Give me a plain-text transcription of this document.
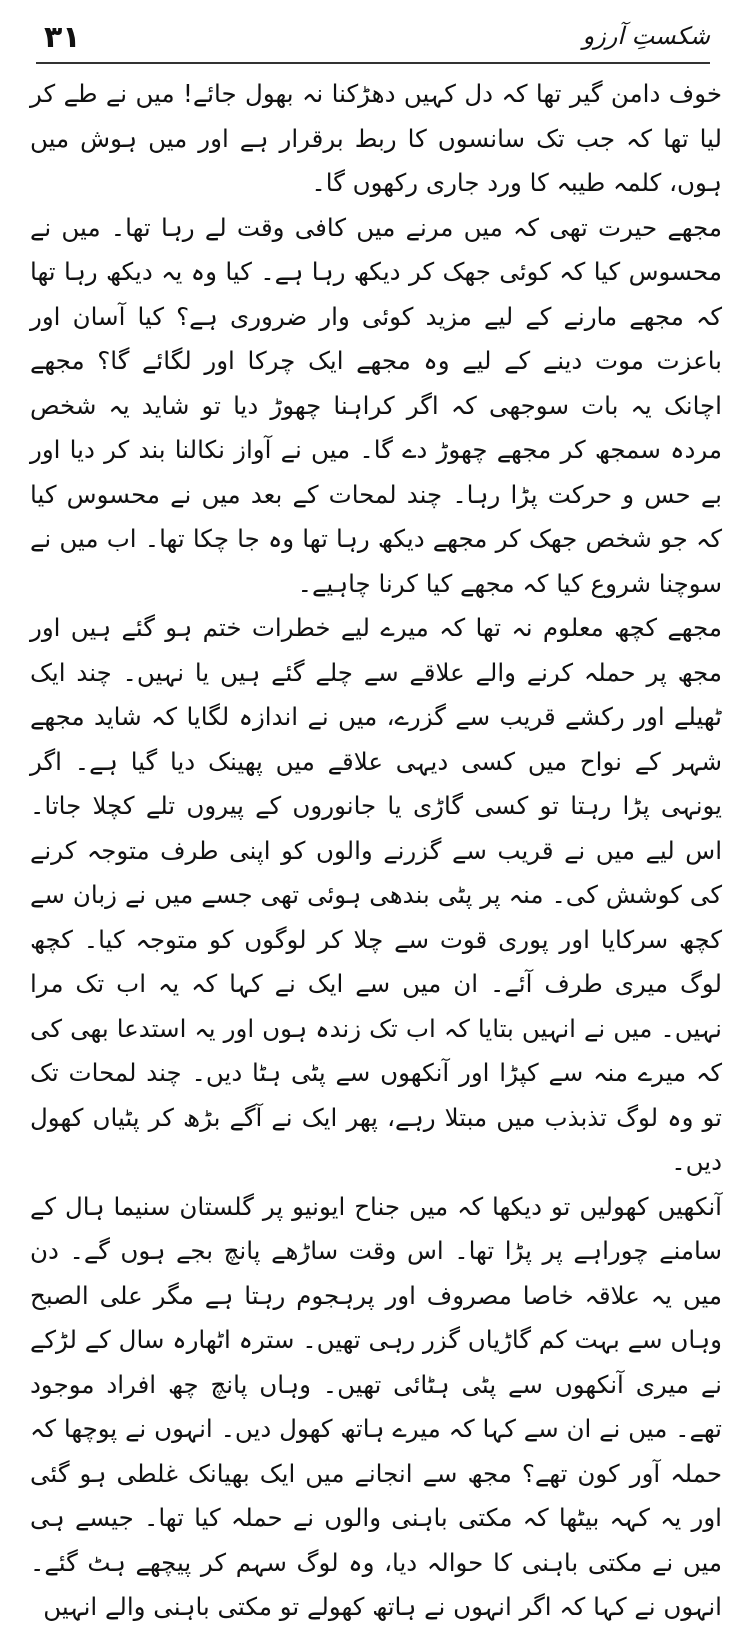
۳۱	شکستِ آرزو

خوف دامن گیر تھا کہ دل کہیں دھڑکنا نہ بھول جائے! میں نے طے کر لیا تھا کہ جب تک سانسوں کا ربط برقرار ہے اور میں ہوش میں ہوں، کلمہ طیبہ کا ورد جاری رکھوں گا۔

مجھے حیرت تھی کہ میں مرنے میں کافی وقت لے رہا تھا۔ میں نے محسوس کیا کہ کوئی جھک کر دیکھ رہا ہے۔ کیا وہ یہ دیکھ رہا تھا کہ مجھے مارنے کے لیے مزید کوئی وار ضروری ہے؟ کیا آسان اور باعزت موت دینے کے لیے وہ مجھے ایک چرکا اور لگائے گا؟ مجھے اچانک یہ بات سوجھی کہ اگر کراہنا چھوڑ دیا تو شاید یہ شخص مردہ سمجھ کر مجھے چھوڑ دے گا۔ میں نے آواز نکالنا بند کر دیا اور بے حس و حرکت پڑا رہا۔ چند لمحات کے بعد میں نے محسوس کیا کہ جو شخص جھک کر مجھے دیکھ رہا تھا وہ جا چکا تھا۔ اب میں نے سوچنا شروع کیا کہ مجھے کیا کرنا چاہیے۔

مجھے کچھ معلوم نہ تھا کہ میرے لیے خطرات ختم ہو گئے ہیں اور مجھ پر حملہ کرنے والے علاقے سے چلے گئے ہیں یا نہیں۔ چند ایک ٹھیلے اور رکشے قریب سے گزرے، میں نے اندازہ لگایا کہ شاید مجھے شہر کے نواح میں کسی دیہی علاقے میں پھینک دیا گیا ہے۔ اگر یونہی پڑا رہتا تو کسی گاڑی یا جانوروں کے پیروں تلے کچلا جاتا۔ اس لیے میں نے قریب سے گزرنے والوں کو اپنی طرف متوجہ کرنے کی کوشش کی۔ منہ پر پٹی بندھی ہوئی تھی جسے میں نے زبان سے کچھ سرکایا اور پوری قوت سے چلا کر لوگوں کو متوجہ کیا۔ کچھ لوگ میری طرف آئے۔ ان میں سے ایک نے کہا کہ یہ اب تک مرا نہیں۔ میں نے انہیں بتایا کہ اب تک زندہ ہوں اور یہ استدعا بھی کی کہ میرے منہ سے کپڑا اور آنکھوں سے پٹی ہٹا دیں۔ چند لمحات تک تو وہ لوگ تذبذب میں مبتلا رہے، پھر ایک نے آگے بڑھ کر پٹیاں کھول دیں۔

آنکھیں کھولیں تو دیکھا کہ میں جناح ایونیو پر گلستان سنیما ہال کے سامنے چوراہے پر پڑا تھا۔ اس وقت ساڑھے پانچ بجے ہوں گے۔ دن میں یہ علاقہ خاصا مصروف اور پرہجوم رہتا ہے مگر علی الصبح وہاں سے بہت کم گاڑیاں گزر رہی تھیں۔ سترہ اٹھارہ سال کے لڑکے نے میری آنکھوں سے پٹی ہٹائی تھیں۔ وہاں پانچ چھ افراد موجود تھے۔ میں نے ان سے کہا کہ میرے ہاتھ کھول دیں۔ انہوں نے پوچھا کہ حملہ آور کون تھے؟ مجھ سے انجانے میں ایک بھیانک غلطی ہو گئی اور یہ کہہ بیٹھا کہ مکتی باہنی والوں نے حملہ کیا تھا۔ جیسے ہی میں نے مکتی باہنی کا حوالہ دیا، وہ لوگ سہم کر پیچھے ہٹ گئے۔ انہوں نے کہا کہ اگر انہوں نے ہاتھ کھولے تو مکتی باہنی والے انہیں
